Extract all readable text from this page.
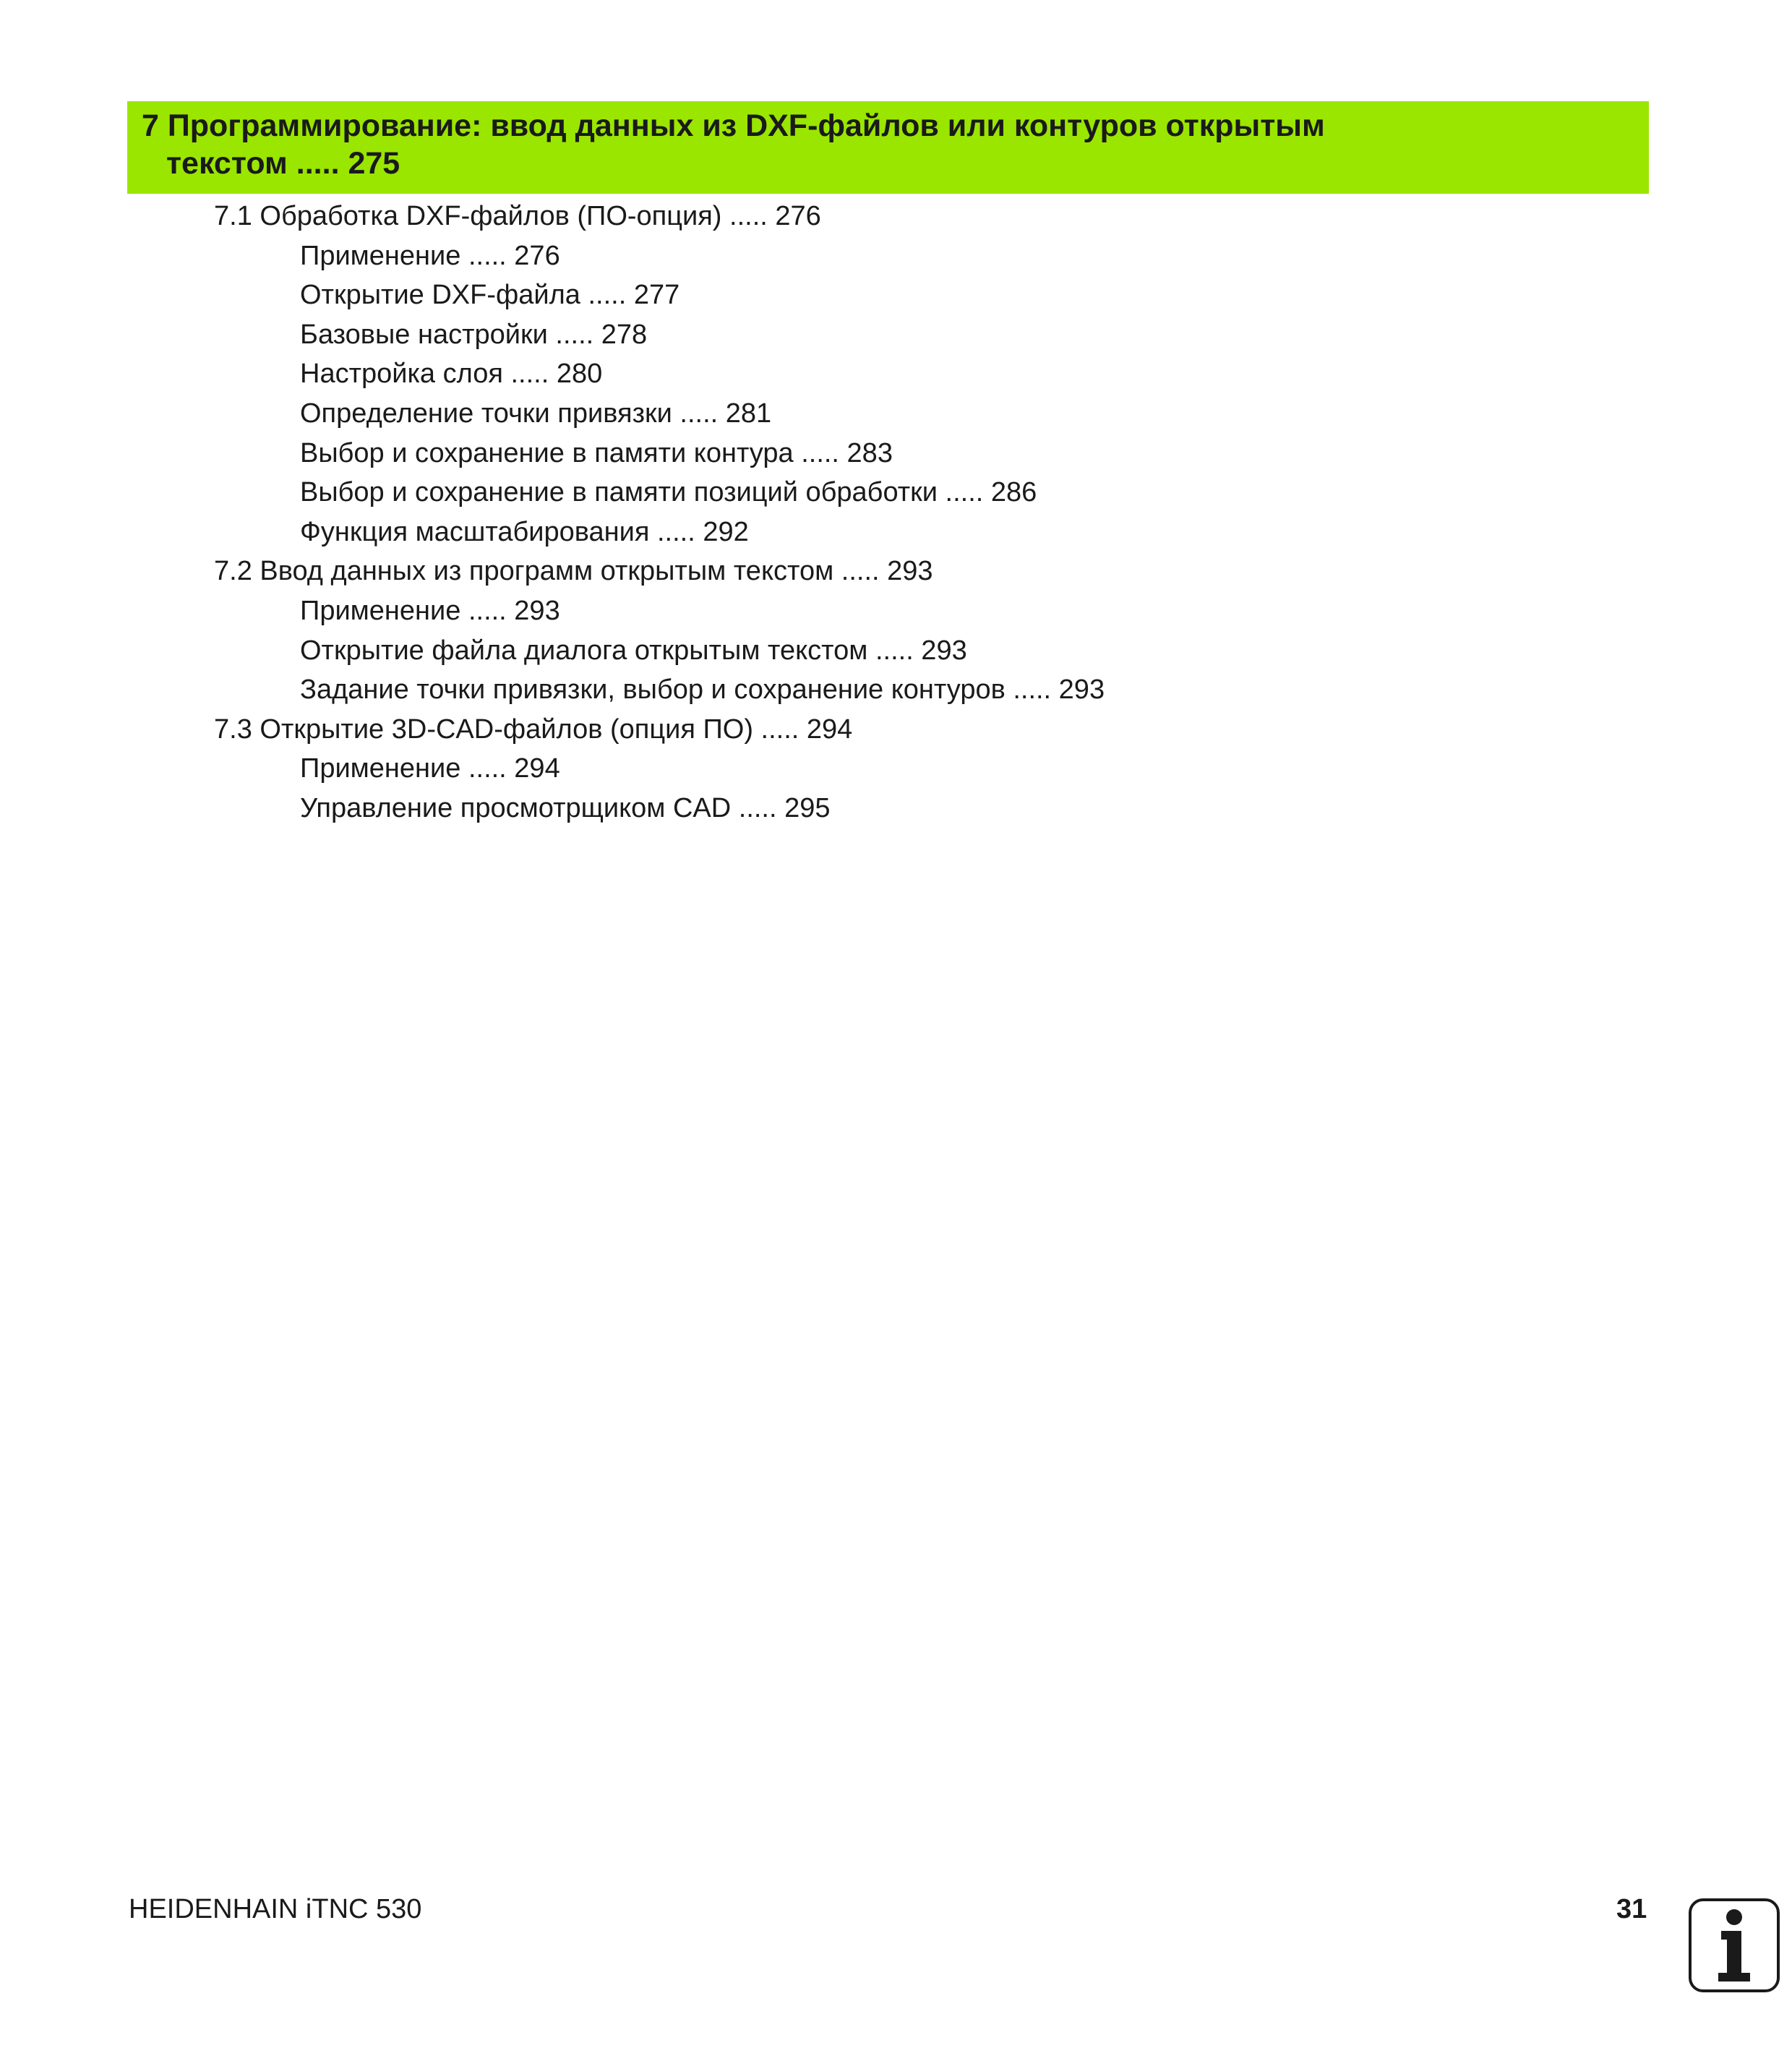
7 Программирование: ввод данных из DXF-файлов или контуров открытым
текстом ..... 275
7.1 Обработка DXF-файлов (ПО-опция) ..... 276
Применение ..... 276
Открытие DXF-файла ..... 277
Базовые настройки ..... 278
Настройка слоя ..... 280
Определение точки привязки ..... 281
Выбор и сохранение в памяти контура ..... 283
Выбор и сохранение в памяти позиций обработки ..... 286
Функция масштабирования ..... 292
7.2 Ввод данных из программ открытым текстом ..... 293
Применение ..... 293
Открытие файла диалога открытым текстом ..... 293
Задание точки привязки, выбор и сохранение контуров ..... 293
7.3 Открытие 3D-CAD-файлов (опция ПО) ..... 294
Применение ..... 294
Управление просмотрщиком CAD ..... 295
HEIDENHAIN iTNC 530	31
